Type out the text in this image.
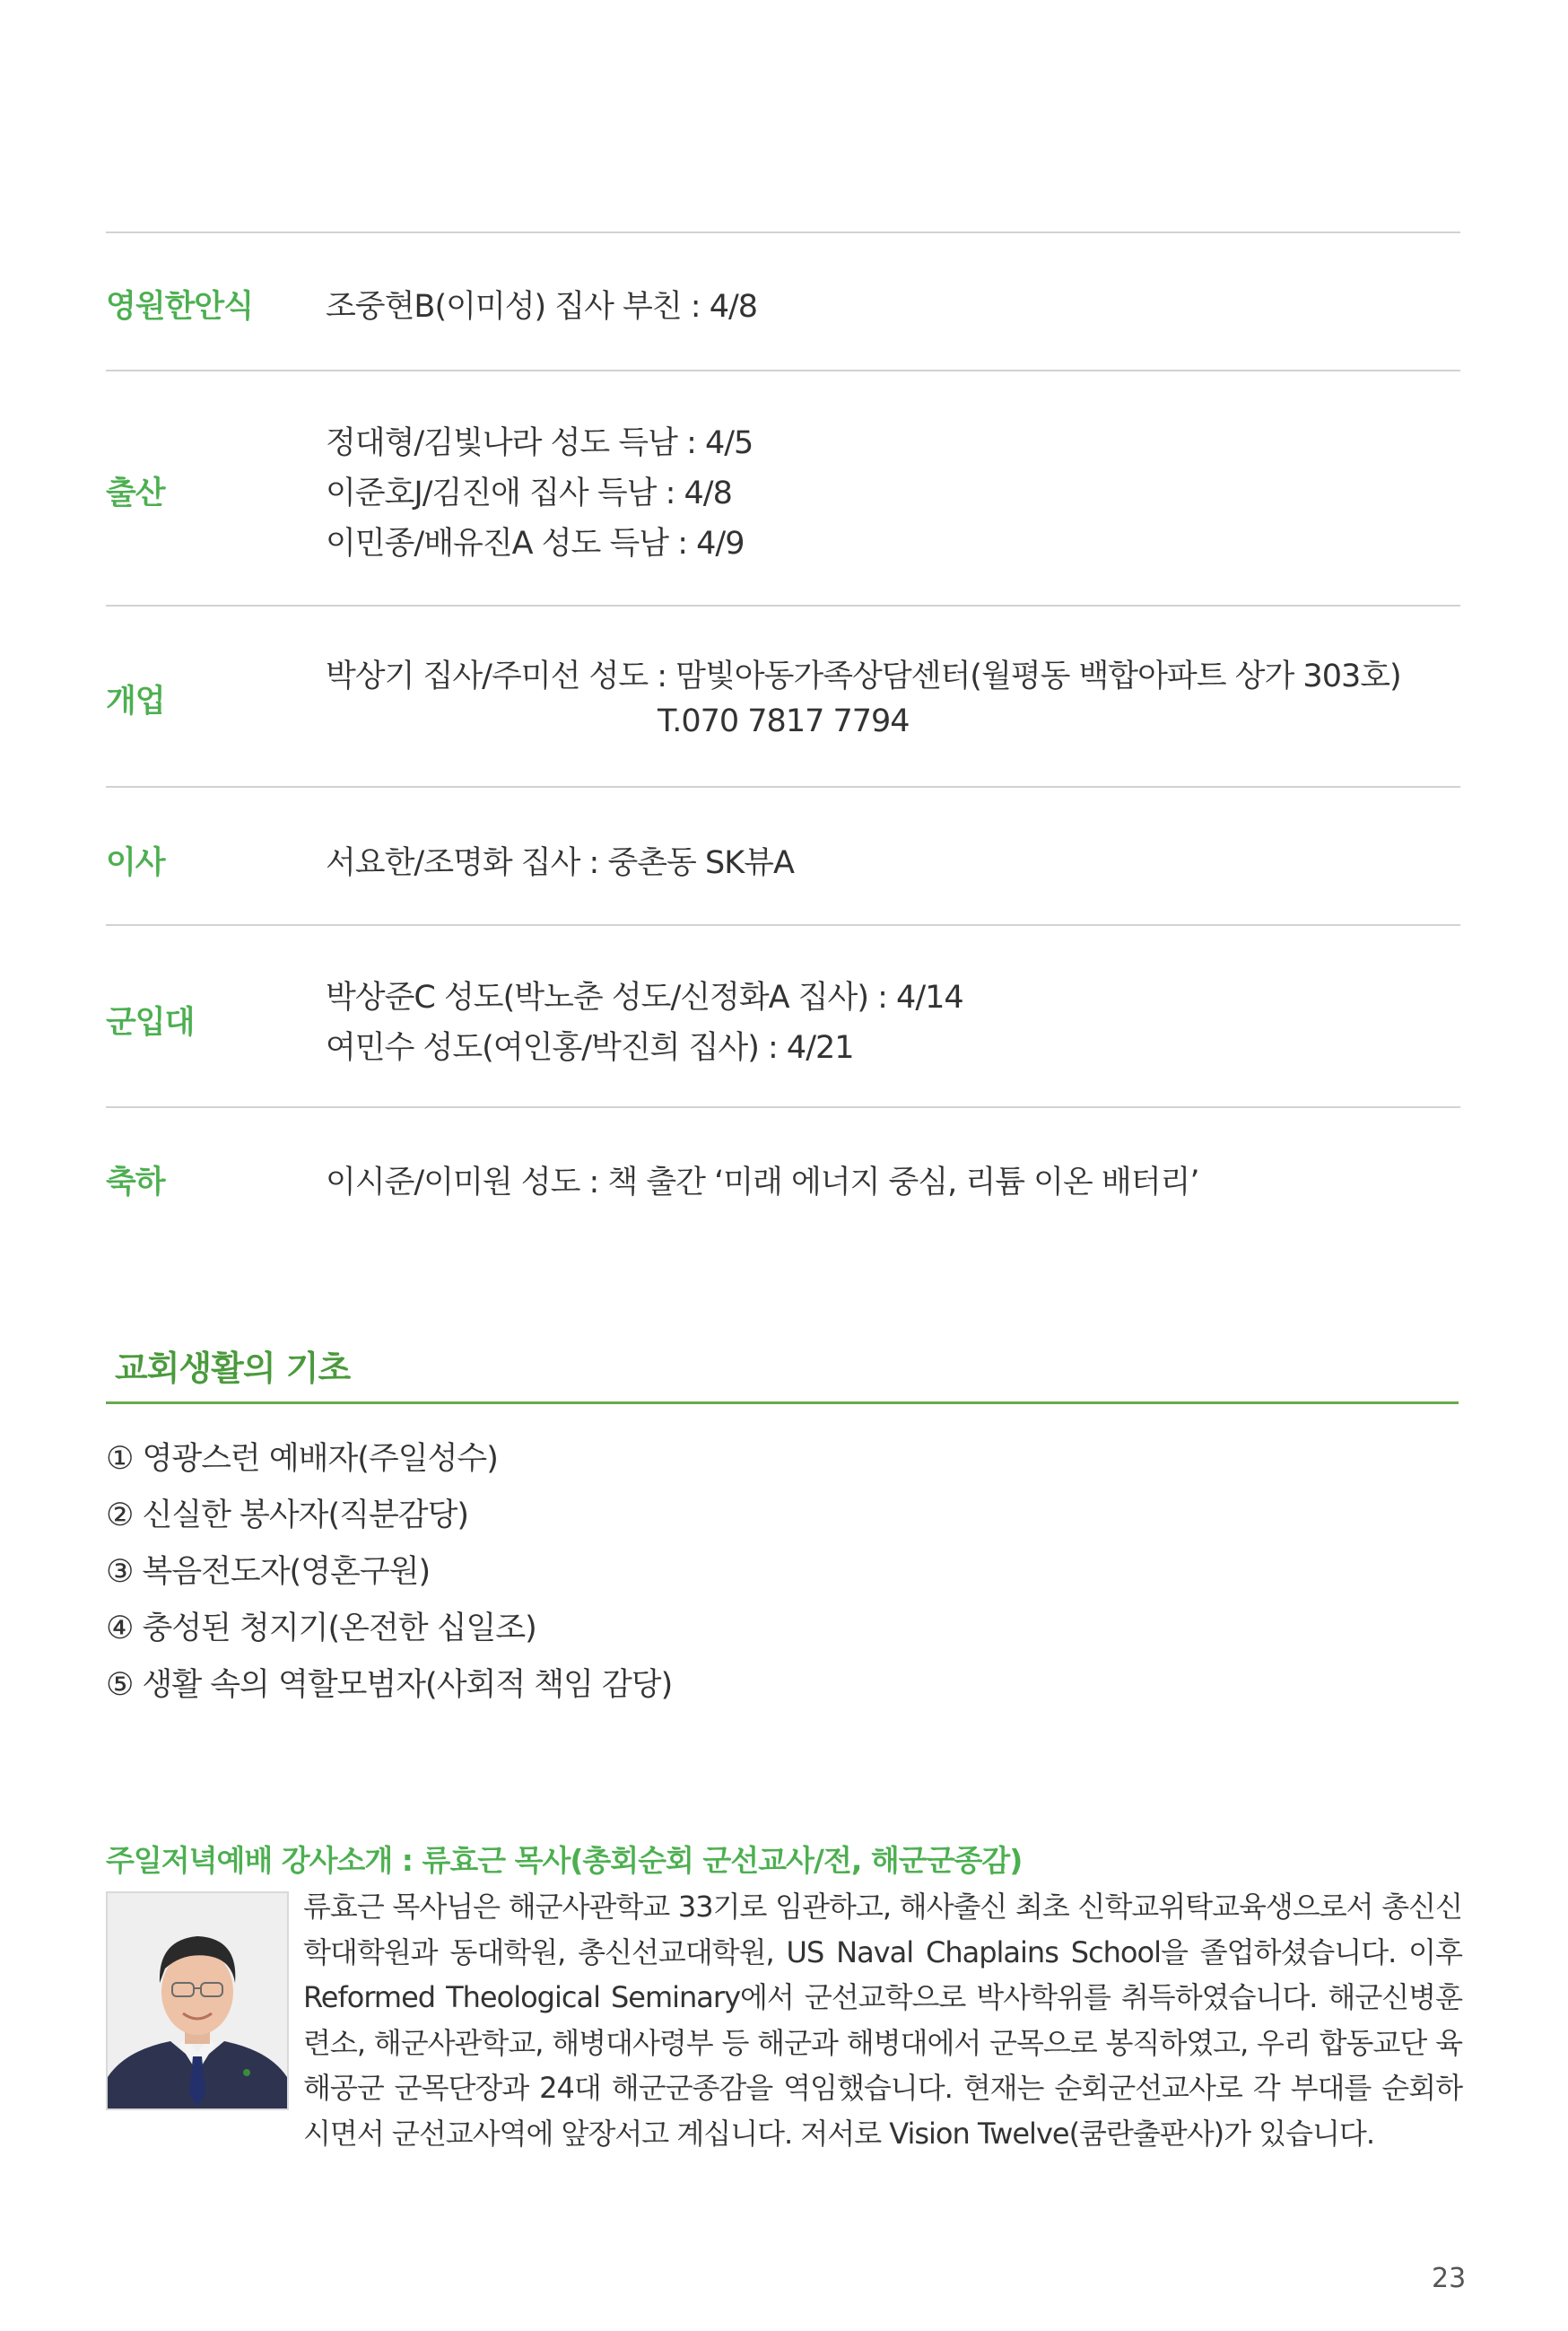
영원한안식 조중현B(이미성) 집사 부친 : 4/8
출산
정대형/김빛나라 성도 득남 : 4/5
이준호J/김진애 집사 득남 : 4/8
이민종/배유진A 성도 득남 : 4/9
개업
박상기 집사/주미선 성도 : 맘빛아동가족상담센터(월평동 백합아파트 상가 303호)
T.070 7817 7794
이사	서요한/조명화 집사 : 중촌동 SK뷰A
군입대
박상준C 성도(박노춘 성도/신정화A 집사) : 4/14
여민수 성도(여인홍/박진희 집사) : 4/21
축하	이시준/이미원 성도 : 책 출간 ‘미래 에너지 중심, 리튬 이온 배터리’
교회생활의 기초
① 영광스런 예배자(주일성수)
② 신실한 봉사자(직분감당)
③ 복음전도자(영혼구원)
④ 충성된 청지기(온전한 십일조)
⑤ 생활 속의 역할모범자(사회적 책임 감당)
주일저녁예배 강사소개 : 류효근 목사(총회순회 군선교사/전, 해군군종감)
류효근 목사님은 해군사관학교 33기로 임관하고, 해사출신 최초 신학교위탁교육생으로서 총신신학대학원과 동대학원, 총신선교대학원, US Naval Chaplains School을 졸업하셨습니다. 이후 Reformed Theological Seminary에서 군선교학으로 박사학위를 취득하였습니다. 해군신병훈련소, 해군사관학교, 해병대사령부 등 해군과 해병대에서 군목으로 봉직하였고, 우리 합동교단 육해공군 군목단장과 24대 해군군종감을 역임했습니다. 현재는 순회군선교사로 각 부대를 순회하시면서 군선교사역에 앞장서고 계십니다. 저서로 Vision Twelve(쿰란출판사)가 있습니다.
23
